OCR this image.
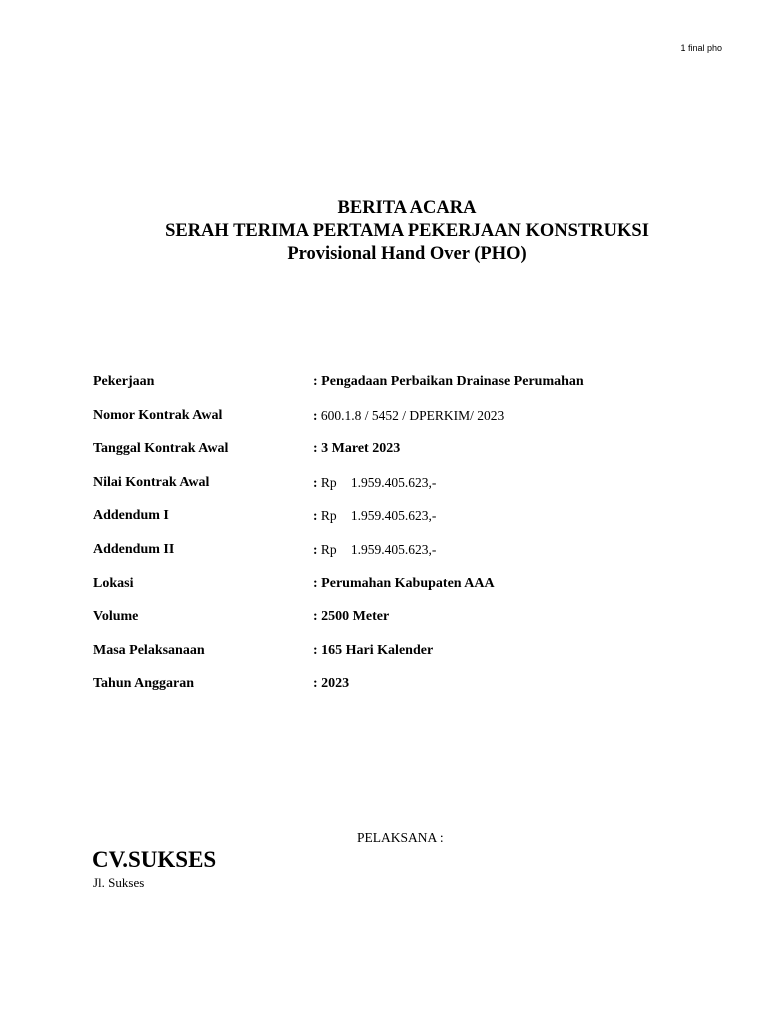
1 final pho
BERITA ACARA
SERAH TERIMA PERTAMA PEKERJAAN KONSTRUKSI
Provisional Hand Over (PHO)
Pekerjaan	: Pengadaan Perbaikan Drainase Perumahan
Nomor Kontrak Awal	: 600.1.8 / 5452 / DPERKIM/ 2023
Tanggal Kontrak Awal	: 3 Maret 2023
Nilai Kontrak Awal	: Rp 1.959.405.623,-
Addendum I	: Rp 1.959.405.623,-
Addendum II	: Rp 1.959.405.623,-
Lokasi	: Perumahan Kabupaten AAA
Volume	: 2500 Meter
Masa Pelaksanaan	: 165 Hari Kalender
Tahun Anggaran	: 2023
PELAKSANA :
CV.SUKSES
Jl. Sukses
